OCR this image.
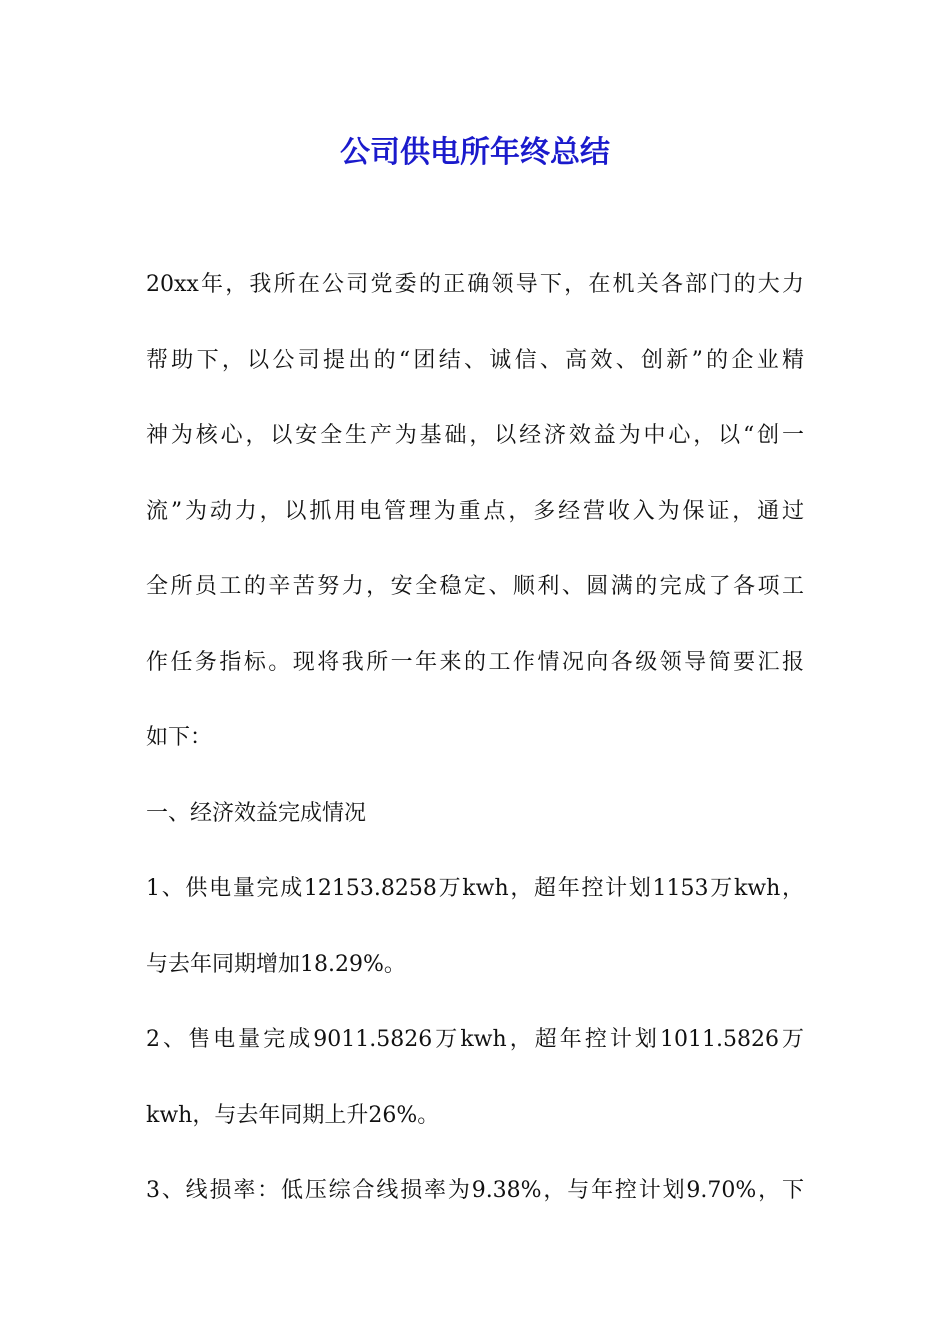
公司供电所年终总结
20xx年，我所在公司党委的正确领导下，在机关各部门的大力
帮助下，以公司提出的“团结、诚信、高效、创新”的企业精
神为核心，以安全生产为基础，以经济效益为中心，以“创一
流”为动力，以抓用电管理为重点，多经营收入为保证，通过
全所员工的辛苦努力，安全稳定、顺利、圆满的完成了各项工
作任务指标。现将我所一年来的工作情况向各级领导简要汇报
如下：
一、经济效益完成情况
1、供电量完成12153.8258万kwh，超年控计划1153万kwh，
与去年同期增加18.29%。
2、售电量完成9011.5826万kwh，超年控计划1011.5826万
kwh，与去年同期上升26%。
3、线损率：低压综合线损率为9.38%，与年控计划9.70%，下
